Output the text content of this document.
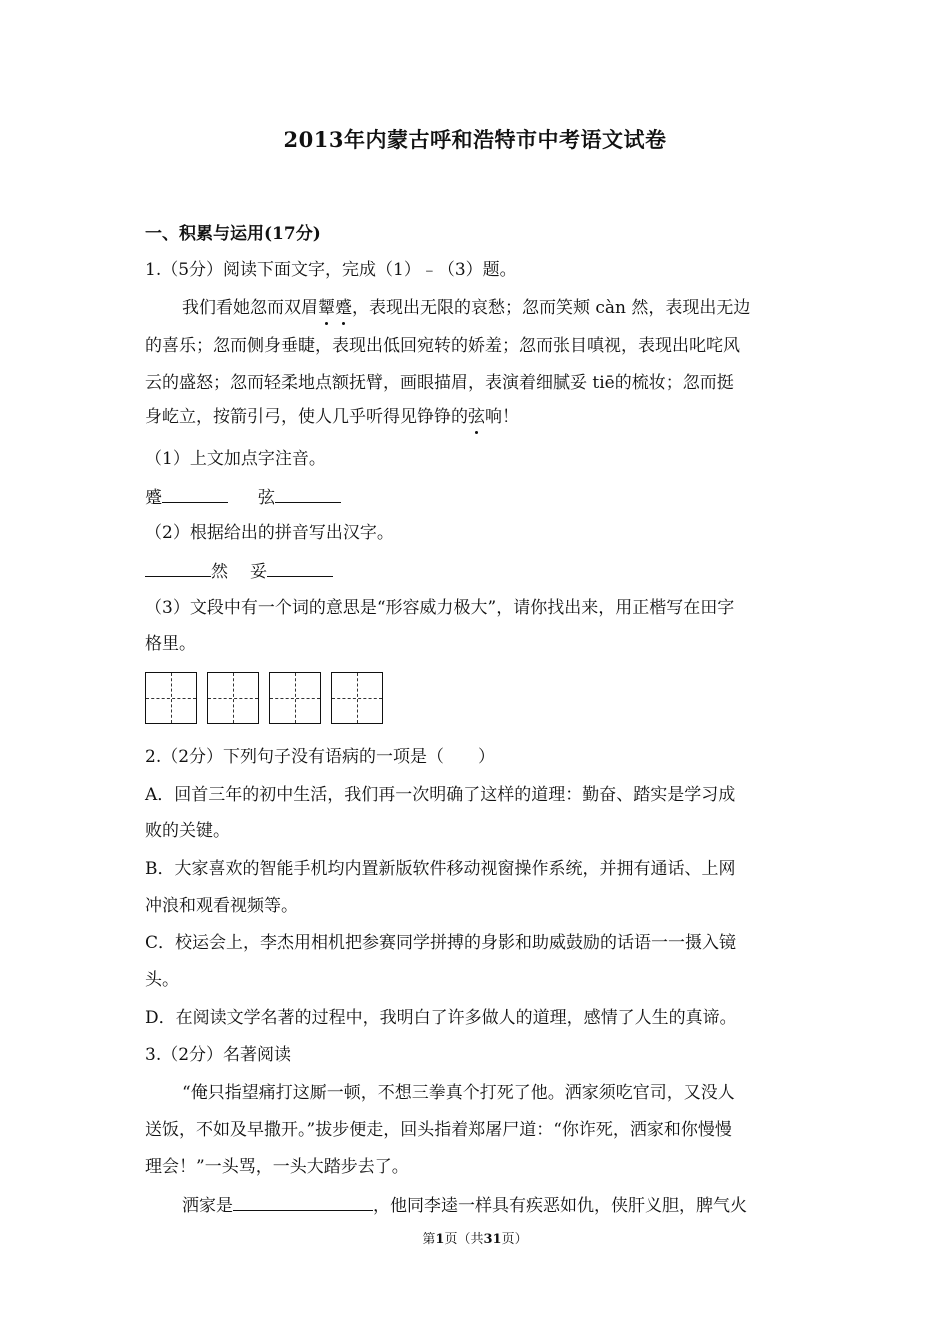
2013年内蒙古呼和浩特市中考语文试卷
一、积累与运用(17分)
1.（5分）阅读下面文字，完成（1）﹣（3）题。
我们看她忽而双眉颦蹙，表现出无限的哀愁；忽而笑颊 càn 然，表现出无边
的喜乐；忽而侧身垂睫，表现出低回宛转的娇羞；忽而张目嗔视，表现出叱咤风
云的盛怒；忽而轻柔地点额抚臂，画眼描眉，表演着细腻妥 tiē的梳妆；忽而挺
身屹立，按箭引弓，使人几乎听得见铮铮的弦响！
（1）上文加点字注音。
蹙	弦
（2）根据给出的拼音写出汉字。
然 妥
（3）文段中有一个词的意思是“形容威力极大”，请你找出来，用正楷写在田字
格里。
2.（2分）下列句子没有语病的一项是（　　）
A．回首三年的初中生活，我们再一次明确了这样的道理：勤奋、踏实是学习成
败的关键。
B．大家喜欢的智能手机均内置新版软件移动视窗操作系统，并拥有通话、上网
冲浪和观看视频等。
C．校运会上，李杰用相机把参赛同学拼搏的身影和助威鼓励的话语一一摄入镜
头。
D．在阅读文学名著的过程中，我明白了许多做人的道理，感情了人生的真谛。
3.（2分）名著阅读
“俺只指望痛打这厮一顿，不想三拳真个打死了他。洒家须吃官司，又没人
送饭，不如及早撒开。”拔步便走，回头指着郑屠尸道：“你诈死，洒家和你慢慢
理会！”一头骂，一头大踏步去了。
洒家是	，他同李逵一样具有疾恶如仇，侠肝义胆，脾气火
第1页（共31页）
